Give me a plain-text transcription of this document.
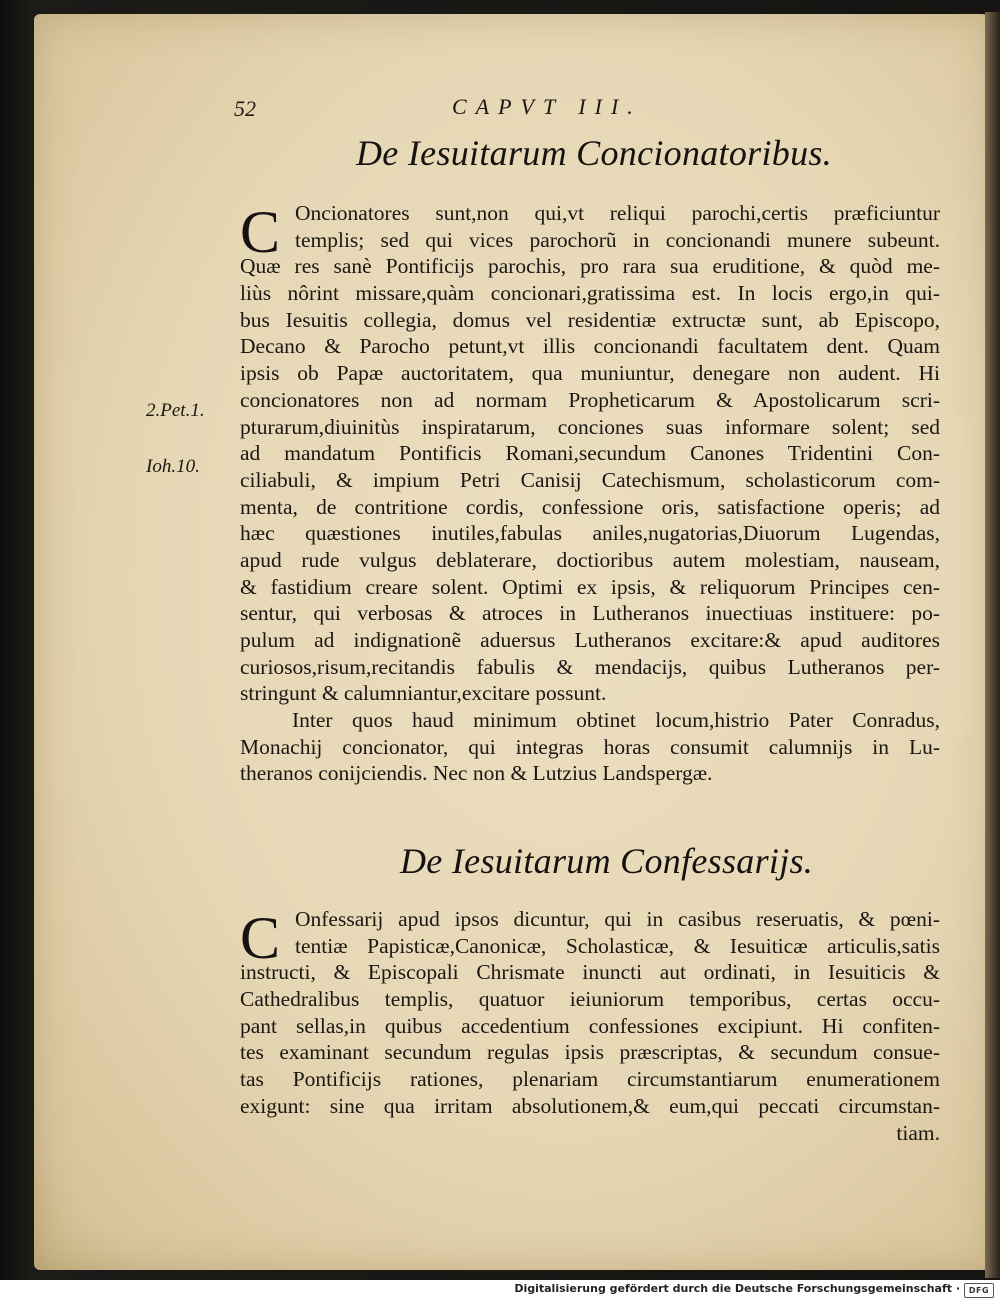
52	CAPVT III.
De Iesuitarum Concionatoribus.
C Oncionatores sunt,non qui,vt reliqui parochi,certis præficiuntur
templis; sed qui vices parochorũ in concionandi munere subeunt.
Quæ res sanè Pontificijs parochis, pro rara sua eruditione, & quòd me-
liùs nôrint missare,quàm concionari,gratissima est. In locis ergo,in qui-
bus Iesuitis collegia, domus vel residentiæ extructæ sunt, ab Episcopo,
Decano & Parocho petunt,vt illis concionandi facultatem dent. Quam
ipsis ob Papæ auctoritatem, qua muniuntur, denegare non audent. Hi
concionatores non ad normam Propheticarum & Apostolicarum scri-
pturarum,diuinitùs inspiratarum, conciones suas informare solent; sed
ad mandatum Pontificis Romani,secundum Canones Tridentini Con-
ciliabuli, & impium Petri Canisij Catechismum, scholasticorum com-
menta, de contritione cordis, confessione oris, satisfactione operis; ad
hæc quæstiones inutiles,fabulas aniles,nugatorias,Diuorum Lugendas,
apud rude vulgus deblaterare, doctioribus autem molestiam, nauseam,
& fastidium creare solent. Optimi ex ipsis, & reliquorum Principes cen-
sentur, qui verbosas & atroces in Lutheranos inuectiuas instituere: po-
pulum ad indignationẽ aduersus Lutheranos excitare:& apud auditores
curiosos,risum,recitandis fabulis & mendacijs, quibus Lutheranos per-
stringunt & calumniantur,excitare possunt.
Inter quos haud minimum obtinet locum,histrio Pater Conradus,
Monachij concionator, qui integras horas consumit calumnijs in Lu-
theranos conijciendis. Nec non & Lutzius Landspergæ.
2.Pet.1.
Ioh.10.
De Iesuitarum Confessarijs.
C Onfessarij apud ipsos dicuntur, qui in casibus reseruatis, & pœni-
tentiæ Papisticæ,Canonicæ, Scholasticæ, & Iesuiticæ articulis,satis
instructi, & Episcopali Chrismate inuncti aut ordinati, in Iesuiticis &
Cathedralibus templis, quatuor ieiuniorum temporibus, certas occu-
pant sellas,in quibus accedentium confessiones excipiunt. Hi confiten-
tes examinant secundum regulas ipsis præscriptas, & secundum consue-
tas Pontificijs rationes, plenariam circumstantiarum enumerationem
exigunt: sine qua irritam absolutionem,& eum,qui peccati circumstan-
tiam.
Digitalisierung gefördert durch die Deutsche Forschungsgemeinschaft ·	DFG
